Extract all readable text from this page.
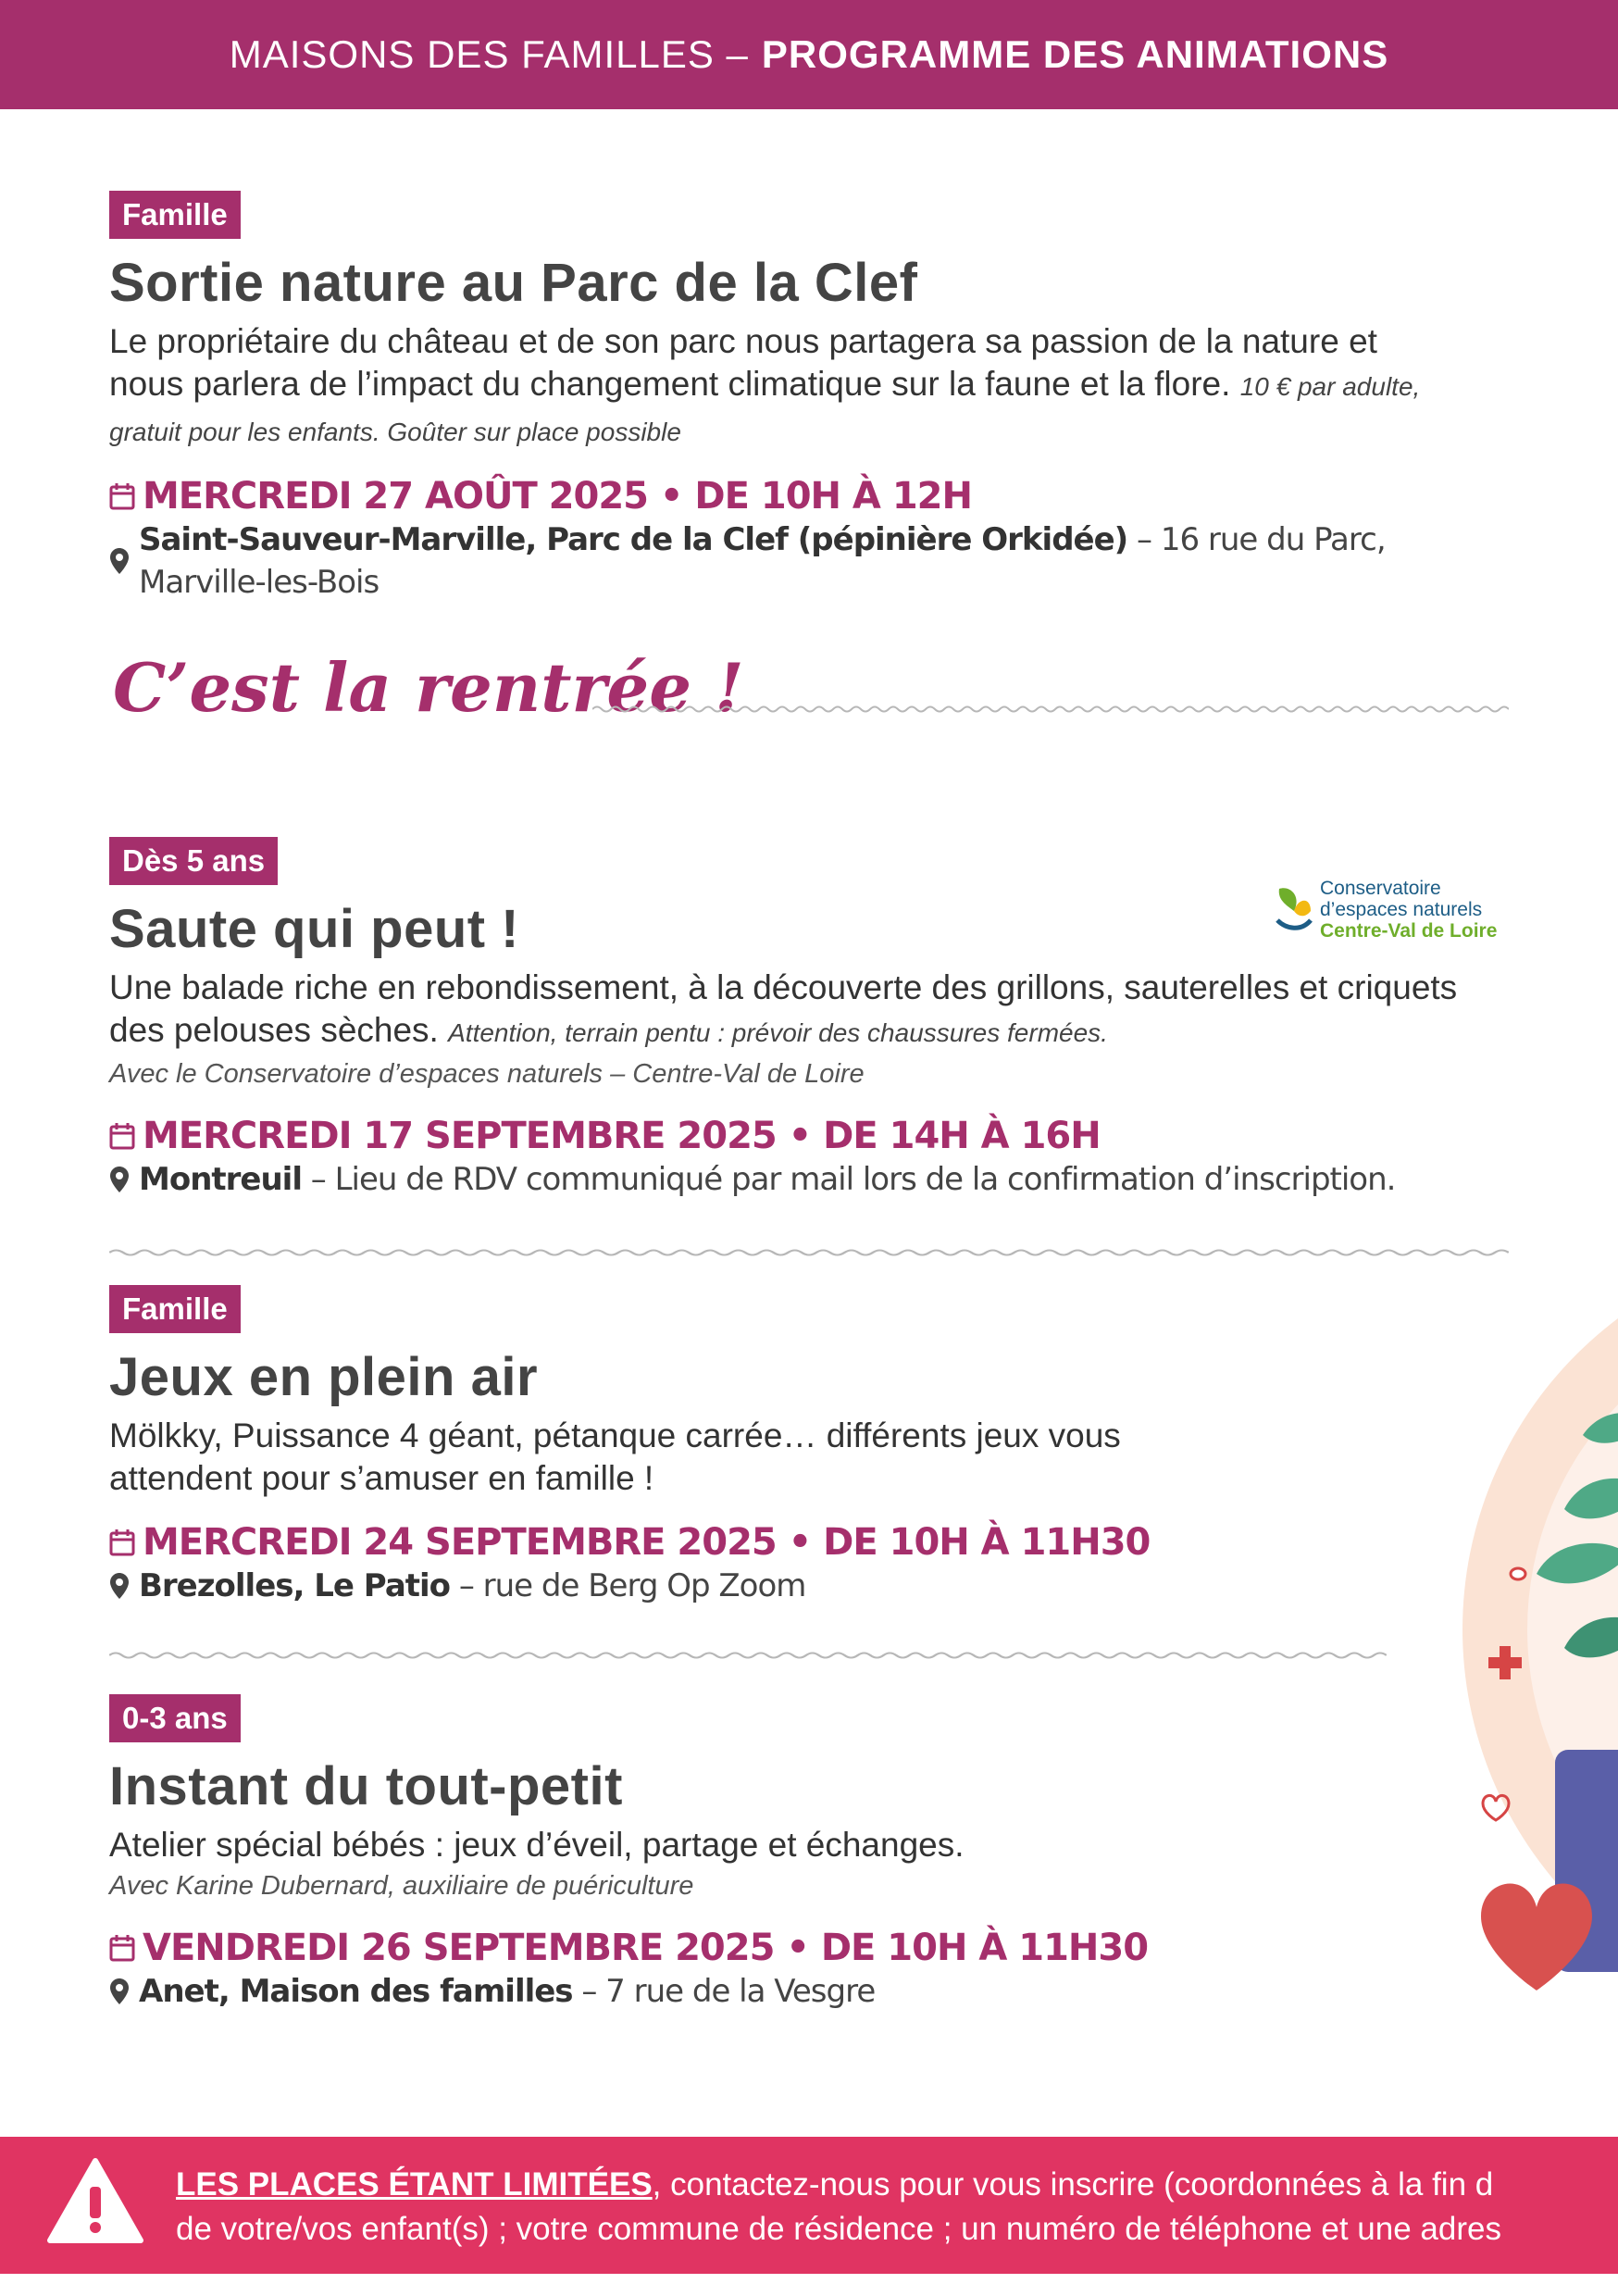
MAISONS DES FAMILLES – PROGRAMME DES ANIMATIONS
Famille
Sortie nature au Parc de la Clef
Le propriétaire du château et de son parc nous partagera sa passion de la nature et nous parlera de l’impact du changement climatique sur la faune et la flore. 10 € par adulte, gratuit pour les enfants. Goûter sur place possible
MERCREDI 27 AOÛT 2025 • DE 10H À 12H
Saint-Sauveur-Marville, Parc de la Clef (pépinière Orkidée) – 16 rue du Parc, Marville-les-Bois
C’est la rentrée !
Conservatoire
d’espaces naturels
Centre-Val de Loire
Dès 5 ans
Saute qui peut !
Une balade riche en rebondissement, à la découverte des grillons, sauterelles et criquets des pelouses sèches. Attention, terrain pentu : prévoir des chaussures fermées.
Avec le Conservatoire d’espaces naturels – Centre-Val de Loire
MERCREDI 17 SEPTEMBRE 2025 • DE 14H À 16H
Montreuil – Lieu de RDV communiqué par mail lors de la confirmation d’inscription.
Famille
Jeux en plein air
Mölkky, Puissance 4 géant, pétanque carrée… différents jeux vous attendent pour s’amuser en famille !
MERCREDI 24 SEPTEMBRE 2025 • DE 10H À 11H30
Brezolles, Le Patio – rue de Berg Op Zoom
0-3 ans
Instant du tout-petit
Atelier spécial bébés : jeux d’éveil, partage et échanges.
Avec Karine Dubernard, auxiliaire de puériculture
VENDREDI 26 SEPTEMBRE 2025 • DE 10H À 11H30
Anet, Maison des familles – 7 rue de la Vesgre
LES PLACES ÉTANT LIMITÉES, contactez-nous pour vous inscrire (coordonnées à la fin d
de votre/vos enfant(s) ; votre commune de résidence ; un numéro de téléphone et une adres
